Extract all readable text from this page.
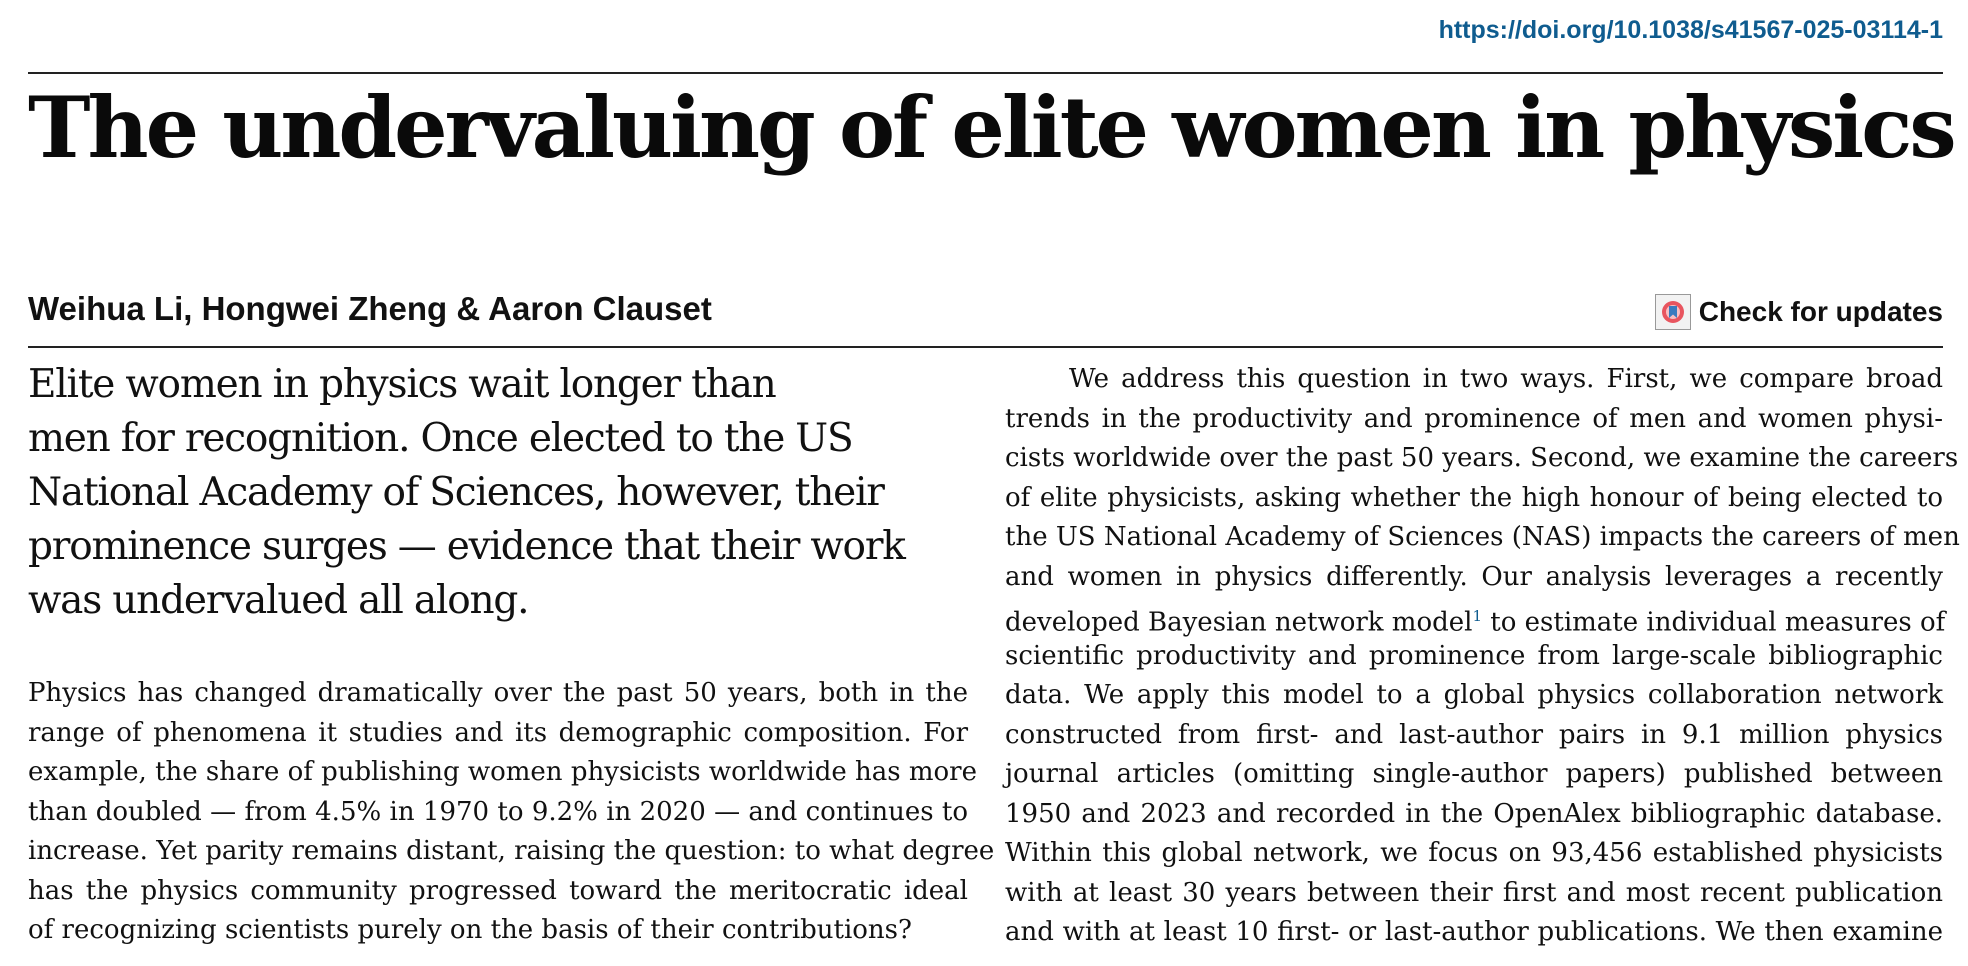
https://doi.org/10.1038/s41567-025-03114-1
The undervaluing of elite women in physics
Weihua Li, Hongwei Zheng & Aaron Clauset	Check for updates
Elite women in physics wait longer than
men for recognition. Once elected to the US
National Academy of Sciences, however, their
prominence surges — evidence that their work
was undervalued all along.
Physics has changed dramatically over the past 50 years, both in the
range of phenomena it studies and its demographic composition. For
example, the share of publishing women physicists worldwide has more
than doubled — from 4.5% in 1970 to 9.2% in 2020 — and continues to
increase. Yet parity remains distant, raising the question: to what degree
has the physics community progressed toward the meritocratic ideal
of recognizing scientists purely on the basis of their contributions?
We address this question in two ways. First, we compare broad
trends in the productivity and prominence of men and women physi-
cists worldwide over the past 50 years. Second, we examine the careers
of elite physicists, asking whether the high honour of being elected to
the US National Academy of Sciences (NAS) impacts the careers of men
and women in physics differently. Our analysis leverages a recently
developed Bayesian network model$^1$ to estimate individual measures of
scientific productivity and prominence from large-scale bibliographic
data. We apply this model to a global physics collaboration network
constructed from first- and last-author pairs in 9.1 million physics
journal articles (omitting single-author papers) published between
1950 and 2023 and recorded in the OpenAlex bibliographic database.
Within this global network, we focus on 93,456 established physicists
with at least 30 years between their first and most recent publication
and with at least 10 first- or last-author publications. We then examine
